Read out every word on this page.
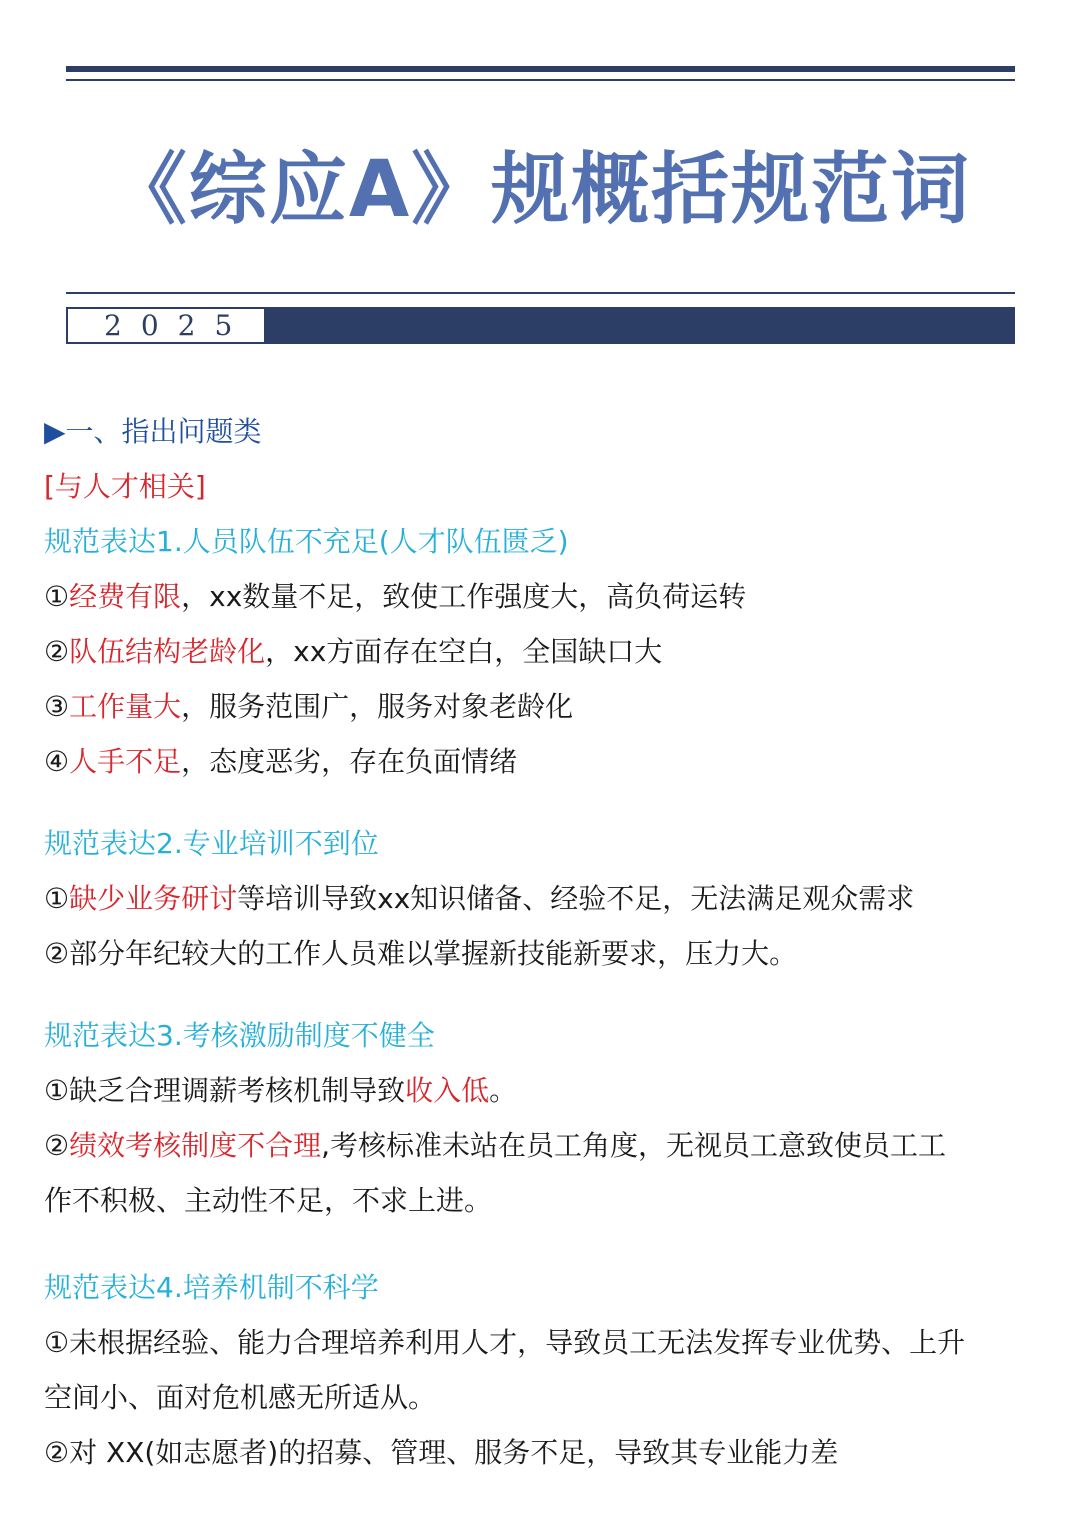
《综应A》规概括规范词
2025
▶一、指出问题类
[与人才相关]
规范表达1.人员队伍不充足(人才队伍匮乏)
①经费有限，xx数量不足，致使工作强度大，高负荷运转
②队伍结构老龄化，xx方面存在空白，全国缺口大
③工作量大，服务范围广，服务对象老龄化
④人手不足，态度恶劣，存在负面情绪
规范表达2.专业培训不到位
①缺少业务研讨等培训导致xx知识储备、经验不足，无法满足观众需求
②部分年纪较大的工作人员难以掌握新技能新要求，压力大。
规范表达3.考核激励制度不健全
①缺乏合理调薪考核机制导致收入低。
②绩效考核制度不合理,考核标准未站在员工角度，无视员工意致使员工工
作不积极、主动性不足，不求上进。
规范表达4.培养机制不科学
①未根据经验、能力合理培养利用人才，导致员工无法发挥专业优势、上升
空间小、面对危机感无所适从。
②对 XX(如志愿者)的招募、管理、服务不足，导致其专业能力差
